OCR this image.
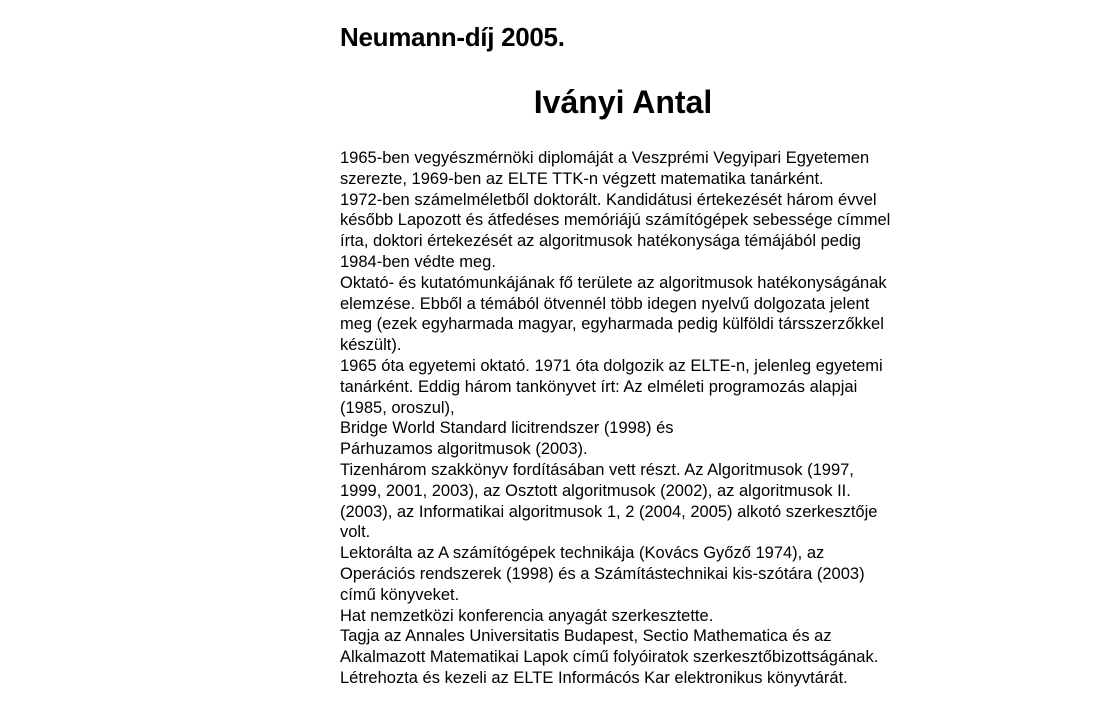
Neumann-díj 2005.
Iványi Antal
1965-ben vegyészmérnöki diplomáját a Veszprémi Vegyipari Egyetemen
szerezte, 1969-ben az ELTE TTK-n végzett matematika tanárként.
1972-ben számelméletből doktorált. Kandidátusi értekezését három évvel
később Lapozott és átfedéses memóriájú számítógépek sebessége címmel
írta, doktori értekezését az algoritmusok hatékonysága témájából pedig
1984-ben védte meg.
Oktató- és kutatómunkájának fő területe az algoritmusok hatékonyságának
elemzése. Ebből a témából ötvennél több idegen nyelvű dolgozata jelent
meg (ezek egyharmada magyar, egyharmada pedig külföldi társszerzőkkel
készült).
1965 óta egyetemi oktató. 1971 óta dolgozik az ELTE-n, jelenleg egyetemi
tanárként. Eddig három tankönyvet írt: Az elméleti programozás alapjai
(1985, oroszul),
Bridge World Standard licitrendszer (1998) és
Párhuzamos algoritmusok (2003).
Tizenhárom szakkönyv fordításában vett részt. Az Algoritmusok (1997,
1999, 2001, 2003), az Osztott algoritmusok (2002), az algoritmusok II.
(2003), az Informatikai algoritmusok 1, 2 (2004, 2005) alkotó szerkesztője
volt.
Lektorálta az A számítógépek technikája (Kovács Győző 1974), az
Operációs rendszerek (1998) és a Számítástechnikai kis-szótára (2003)
című könyveket.
Hat nemzetközi konferencia anyagát szerkesztette.
Tagja az Annales Universitatis Budapest, Sectio Mathematica és az
Alkalmazott Matematikai Lapok című folyóiratok szerkesztőbizottságának.
Létrehozta és kezeli az ELTE Informácós Kar elektronikus könyvtárát.
